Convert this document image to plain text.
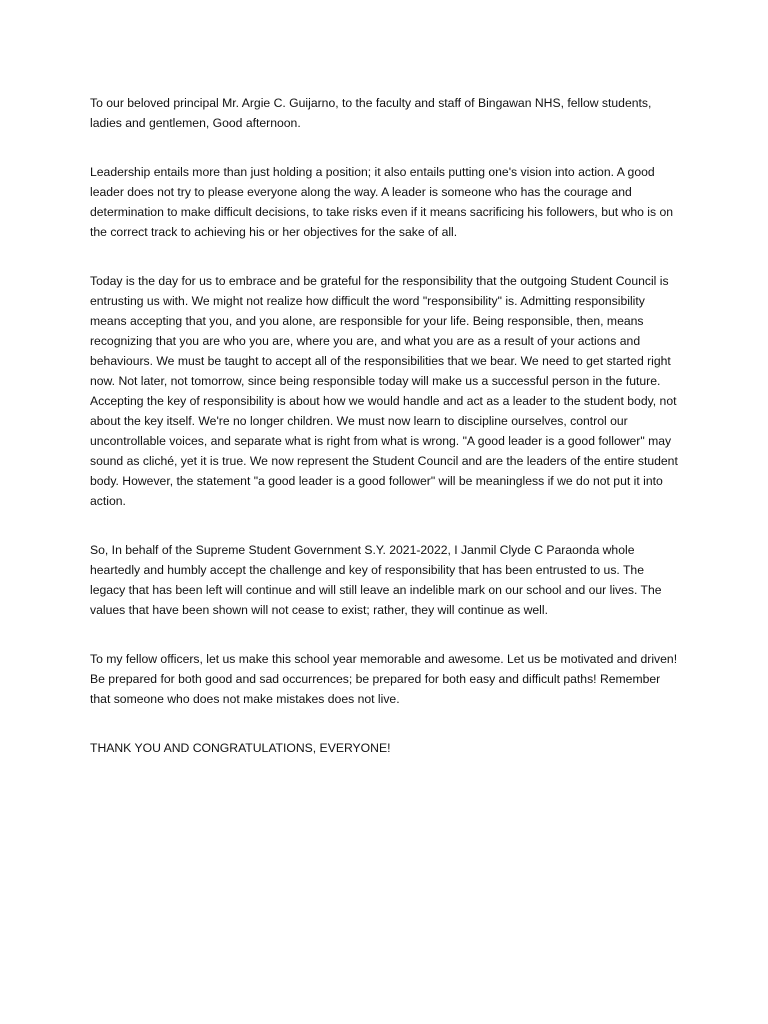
To our beloved principal Mr. Argie C. Guijarno, to the faculty and staff of Bingawan NHS, fellow students, ladies and gentlemen, Good afternoon.

Leadership entails more than just holding a position; it also entails putting one's vision into action. A good leader does not try to please everyone along the way. A leader is someone who has the courage and determination to make difficult decisions, to take risks even if it means sacrificing his followers, but who is on the correct track to achieving his or her objectives for the sake of all.

Today is the day for us to embrace and be grateful for the responsibility that the outgoing Student Council is entrusting us with. We might not realize how difficult the word "responsibility" is. Admitting responsibility means accepting that you, and you alone, are responsible for your life. Being responsible, then, means recognizing that you are who you are, where you are, and what you are as a result of your actions and behaviours. We must be taught to accept all of the responsibilities that we bear. We need to get started right now. Not later, not tomorrow, since being responsible today will make us a successful person in the future. Accepting the key of responsibility is about how we would handle and act as a leader to the student body, not about the key itself. We're no longer children. We must now learn to discipline ourselves, control our uncontrollable voices, and separate what is right from what is wrong. "A good leader is a good follower" may sound as cliché, yet it is true. We now represent the Student Council and are the leaders of the entire student body. However, the statement "a good leader is a good follower" will be meaningless if we do not put it into action.

So, In behalf of the Supreme Student Government S.Y. 2021-2022, I Janmil Clyde C Paraonda whole heartedly and humbly accept the challenge and key of responsibility that has been entrusted to us. The legacy that has been left will continue and will still leave an indelible mark on our school and our lives. The values that have been shown will not cease to exist; rather, they will continue as well.

To my fellow officers, let us make this school year memorable and awesome. Let us be motivated and driven! Be prepared for both good and sad occurrences; be prepared for both easy and difficult paths! Remember that someone who does not make mistakes does not live.

THANK YOU AND CONGRATULATIONS, EVERYONE!
